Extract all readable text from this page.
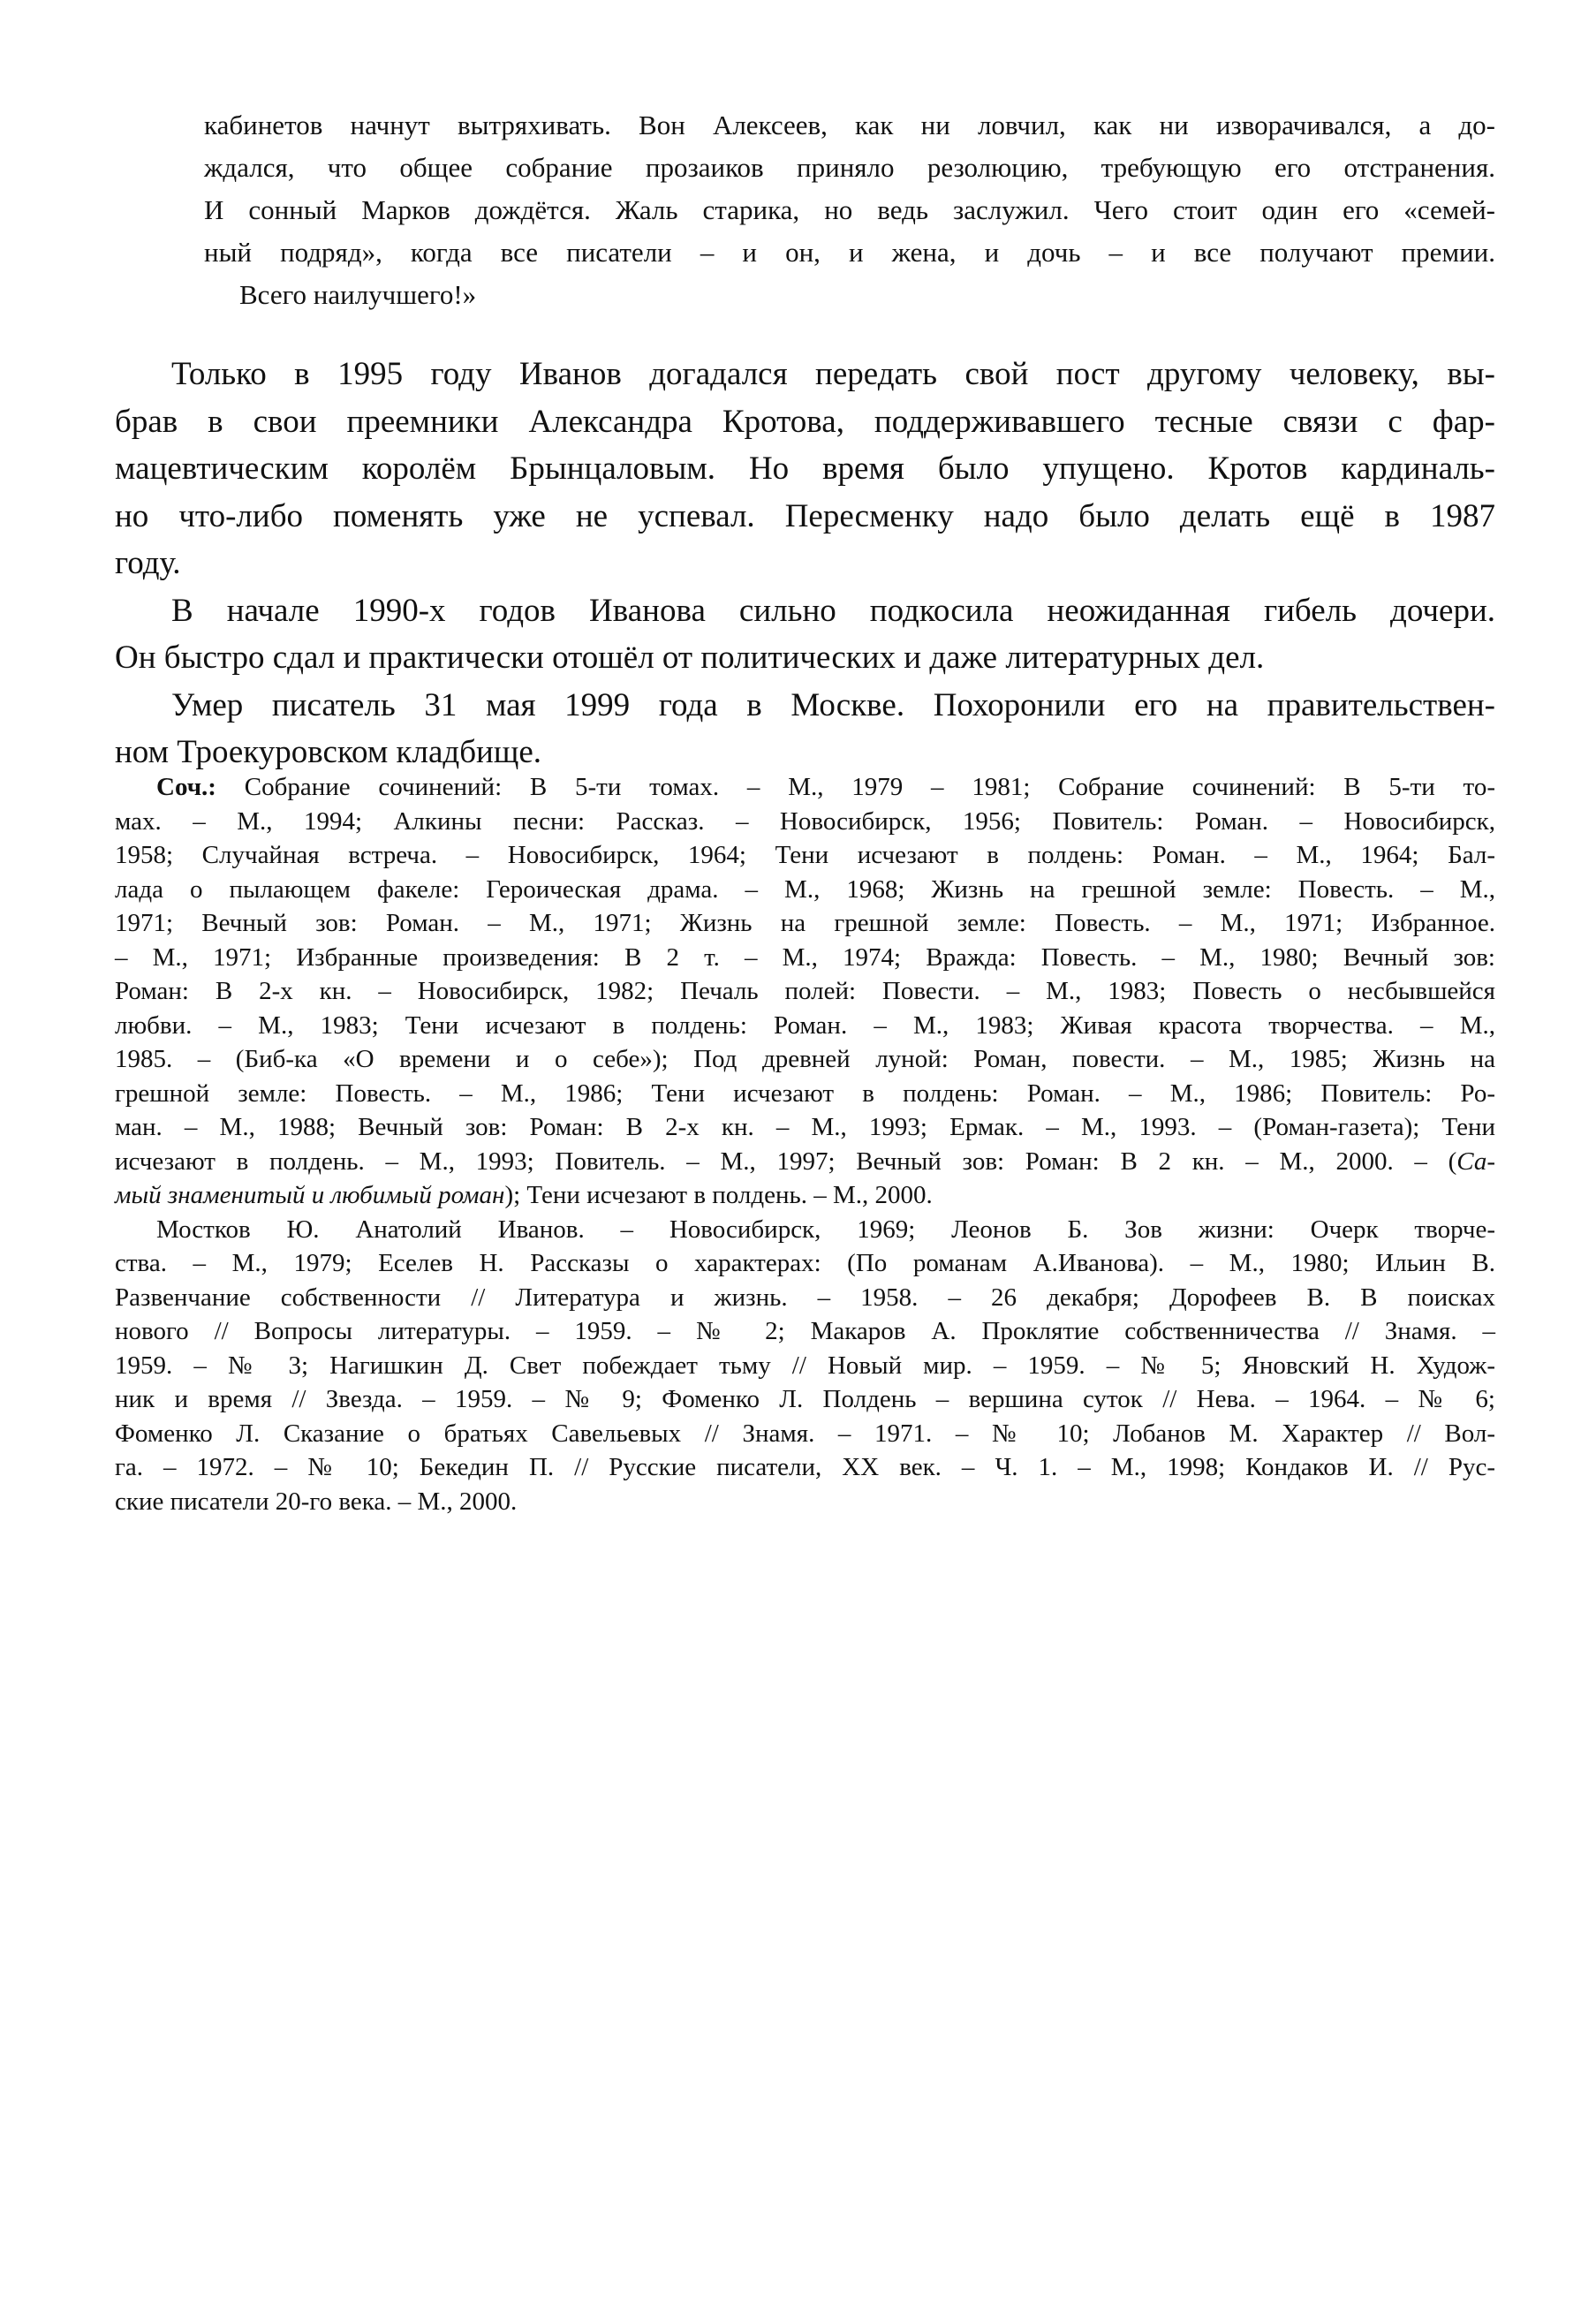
кабинетов начнут вытряхивать. Вон Алексеев, как ни ловчил, как ни изворачивался, а до-
ждался, что общее собрание прозаиков приняло резолюцию, требующую его отстранения.
И сонный Марков дождётся. Жаль старика, но ведь заслужил. Чего стоит один его «семей-
ный подряд», когда все писатели – и он, и жена, и дочь – и все получают премии.
Всего наилучшего!»
Только в 1995 году Иванов догадался передать свой пост другому человеку, вы-
брав в свои преемники Александра Кротова, поддерживавшего тесные связи с фар-
мацевтическим королём Брынцаловым. Но время было упущено. Кротов кардиналь-
но что-либо поменять уже не успевал. Пересменку надо было делать ещё в 1987
году.
В начале 1990-х годов Иванова сильно подкосила неожиданная гибель дочери.
Он быстро сдал и практически отошёл от политических и даже литературных дел.
Умер писатель 31 мая 1999 года в Москве. Похоронили его на правительствен-
ном Троекуровском кладбище.
Соч.: Собрание сочинений: В 5-ти томах. – М., 1979 – 1981; Собрание сочинений: В 5-ти то-
мах. – М., 1994; Алкины песни: Рассказ. – Новосибирск, 1956; Повитель: Роман. – Новосибирск,
1958; Случайная встреча. – Новосибирск, 1964; Тени исчезают в полдень: Роман. – М., 1964; Бал-
лада о пылающем факеле: Героическая драма. – М., 1968; Жизнь на грешной земле: Повесть. – М.,
1971; Вечный зов: Роман. – М., 1971; Жизнь на грешной земле: Повесть. – М., 1971; Избранное.
– М., 1971; Избранные произведения: В 2 т. – М., 1974; Вражда: Повесть. – М., 1980; Вечный зов:
Роман: В 2-х кн. – Новосибирск, 1982; Печаль полей: Повести. – М., 1983; Повесть о несбывшейся
любви. – М., 1983; Тени исчезают в полдень: Роман. – М., 1983; Живая красота творчества. – М.,
1985. – (Биб-ка «О времени и о себе»); Под древней луной: Роман, повести. – М., 1985; Жизнь на
грешной земле: Повесть. – М., 1986; Тени исчезают в полдень: Роман. – М., 1986; Повитель: Ро-
ман. – М., 1988; Вечный зов: Роман: В 2-х кн. – М., 1993; Ермак. – М., 1993. – (Роман-газета); Тени
исчезают в полдень. – М., 1993; Повитель. – М., 1997; Вечный зов: Роман: В 2 кн. – М., 2000. – (Са-
мый знаменитый и любимый роман); Тени исчезают в полдень. – М., 2000.
Мостков Ю. Анатолий Иванов. – Новосибирск, 1969; Леонов Б. Зов жизни: Очерк творче-
ства. – М., 1979; Еселев Н. Рассказы о характерах: (По романам А.Иванова). – М., 1980; Ильин В.
Развенчание собственности // Литература и жизнь. – 1958. – 26 декабря; Дорофеев В. В поисках
нового // Вопросы литературы. – 1959. – № 2; Макаров А. Проклятие собственничества // Знамя. –
1959. – № 3; Нагишкин Д. Свет побеждает тьму // Новый мир. – 1959. – № 5; Яновский Н. Худож-
ник и время // Звезда. – 1959. – № 9; Фоменко Л. Полдень – вершина суток // Нева. – 1964. – № 6;
Фоменко Л. Сказание о братьях Савельевых // Знамя. – 1971. – № 10; Лобанов М. Характер // Вол-
га. – 1972. – № 10; Бекедин П. // Русские писатели, XX век. – Ч. 1. – М., 1998; Кондаков И. // Рус-
ские писатели 20-го века. – М., 2000.
